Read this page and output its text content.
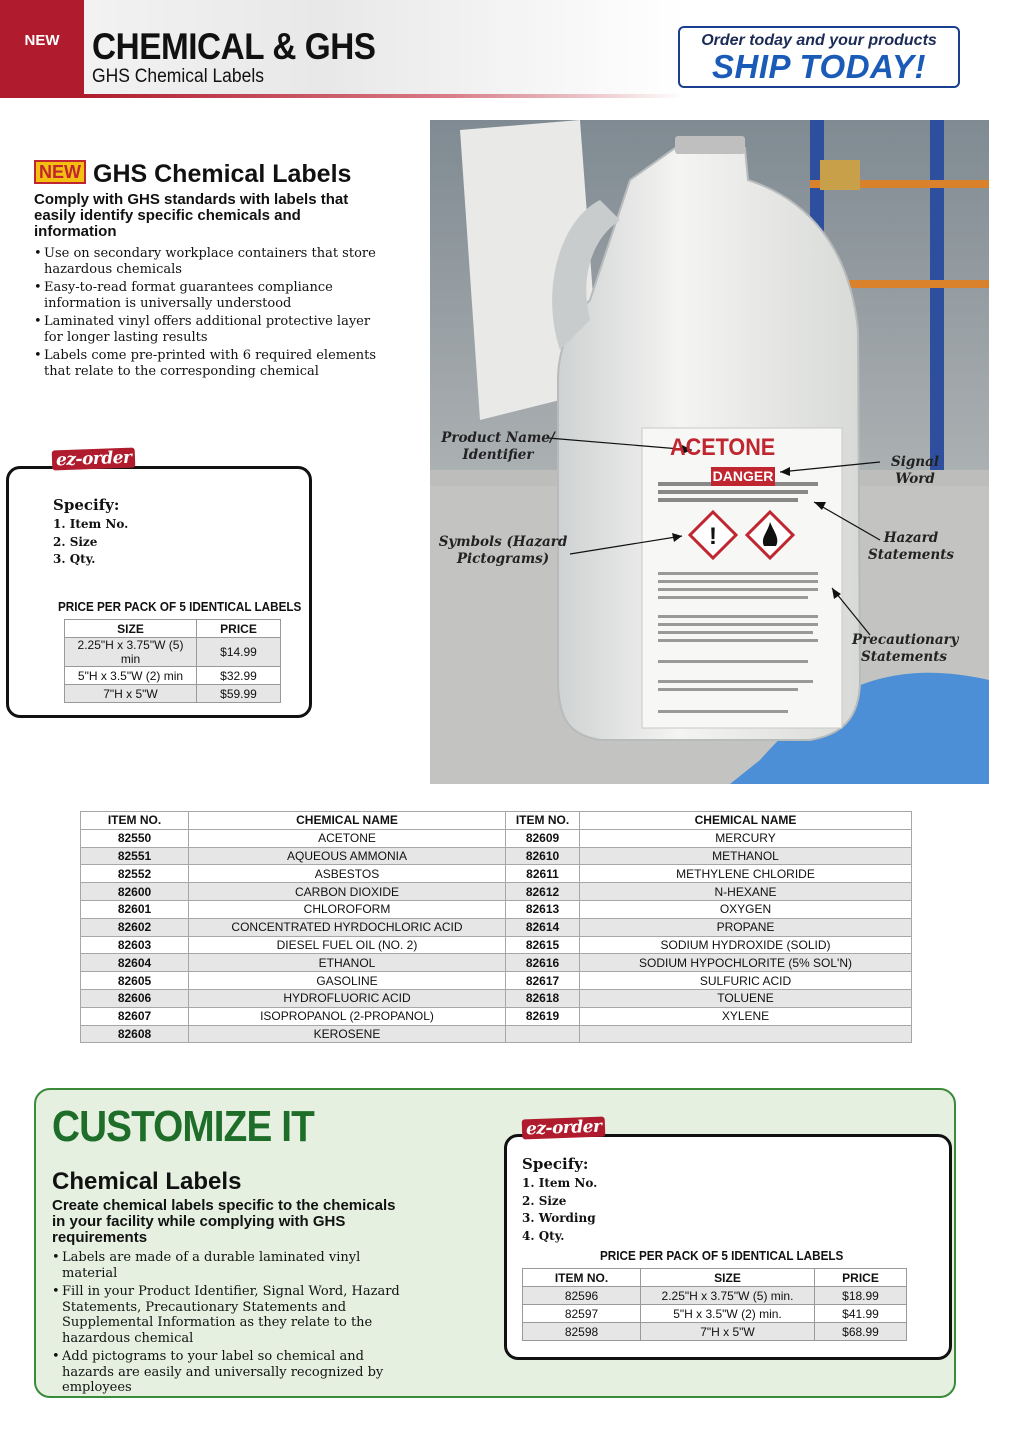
NEW CHEMICAL & GHS
GHS Chemical Labels
Order today and your products
SHIP TODAY!
NEW GHS Chemical Labels
Comply with GHS standards with labels that easily identify specific chemicals and information
• Use on secondary workplace containers that store hazardous chemicals
• Easy-to-read format guarantees compliance information is universally understood
• Laminated vinyl offers additional protective layer for longer lasting results
• Labels come pre-printed with 6 required elements that relate to the corresponding chemical
ez-order
Specify:
1. Item No.
2. Size
3. Qty.
PRICE PER PACK OF 5 IDENTICAL LABELS
SIZE	PRICE
2.25"H x 3.75"W (5) min	$14.99
5"H x 3.5"W (2) min	$32.99
7"H x 5"W	$59.99
!
ACETONE
DANGER
Product Name/ Identifier
Symbols (Hazard Pictograms)
Signal Word
Hazard Statements
Precautionary Statements
ITEM NO.	CHEMICAL NAME	ITEM NO.	CHEMICAL NAME
82550	ACETONE	82609	MERCURY
82551	AQUEOUS AMMONIA	82610	METHANOL
82552	ASBESTOS	82611	METHYLENE CHLORIDE
82600	CARBON DIOXIDE	82612	N-HEXANE
82601	CHLOROFORM	82613	OXYGEN
82602	CONCENTRATED HYRDOCHLORIC ACID	82614	PROPANE
82603	DIESEL FUEL OIL (NO. 2)	82615	SODIUM HYDROXIDE (SOLID)
82604	ETHANOL	82616	SODIUM HYPOCHLORITE (5% SOL'N)
82605	GASOLINE	82617	SULFURIC ACID
82606	HYDROFLUORIC ACID	82618	TOLUENE
82607	ISOPROPANOL (2-PROPANOL)	82619	XYLENE
82608	KEROSENE		
CUSTOMIZE IT
Chemical Labels
Create chemical labels specific to the chemicals in your facility while complying with GHS requirements
• Labels are made of a durable laminated vinyl material
• Fill in your Product Identifier, Signal Word, Hazard Statements, Precautionary Statements and Supplemental Information as they relate to the hazardous chemical
• Add pictograms to your label so chemical and hazards are easily and universally recognized by employees
ez-order
Specify:
1. Item No.
2. Size
3. Wording
4. Qty.
PRICE PER PACK OF 5 IDENTICAL LABELS
ITEM NO.	SIZE	PRICE
82596	2.25"H x 3.75"W (5) min.	$18.99
82597	5"H x 3.5"W (2) min.	$41.99
82598	7"H x 5"W	$68.99
